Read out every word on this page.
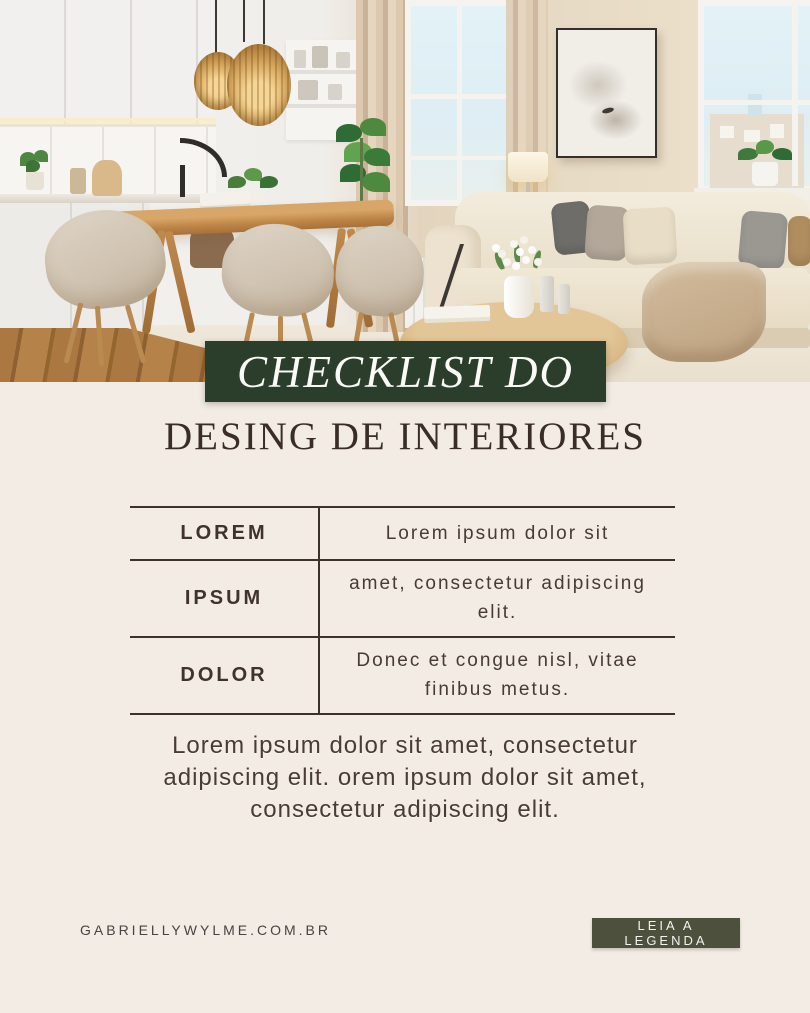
CHECKLIST DO
DESING DE INTERIORES
LOREM	Lorem ipsum dolor sit
IPSUM
amet, consectetur adipiscing elit.
DOLOR
Donec et congue nisl, vitae finibus metus.
Lorem ipsum dolor sit amet, consectetur
adipiscing elit. orem ipsum dolor sit amet,
consectetur adipiscing elit.
GABRIELLYWYLME.COM.BR	LEIA A LEGENDA
